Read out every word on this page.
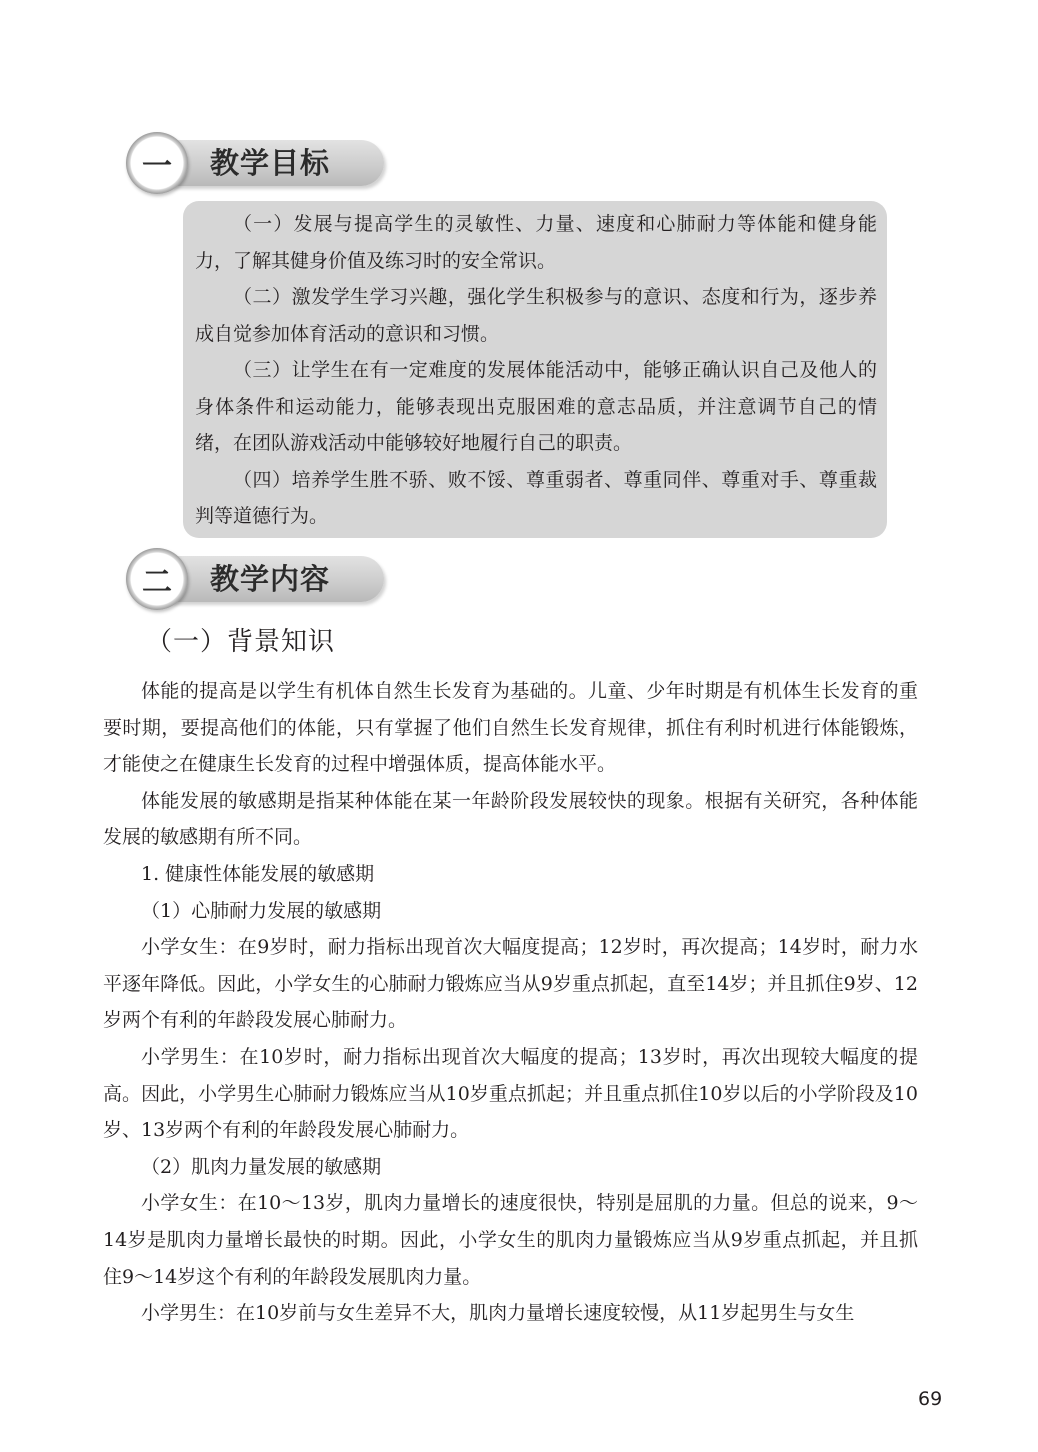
一 教学目标

（一）发展与提高学生的灵敏性、力量、速度和心肺耐力等体能和健身能力，了解其健身价值及练习时的安全常识。

（二）激发学生学习兴趣，强化学生积极参与的意识、态度和行为，逐步养成自觉参加体育活动的意识和习惯。

（三）让学生在有一定难度的发展体能活动中，能够正确认识自己及他人的身体条件和运动能力，能够表现出克服困难的意志品质，并注意调节自己的情绪，在团队游戏活动中能够较好地履行自己的职责。

（四）培养学生胜不骄、败不馁、尊重弱者、尊重同伴、尊重对手、尊重裁判等道德行为。

二 教学内容
（一）背景知识

体能的提高是以学生有机体自然生长发育为基础的。儿童、少年时期是有机体生长发育的重要时期，要提高他们的体能，只有掌握了他们自然生长发育规律，抓住有利时机进行体能锻炼，才能使之在健康生长发育的过程中增强体质，提高体能水平。

体能发展的敏感期是指某种体能在某一年龄阶段发展较快的现象。根据有关研究，各种体能发展的敏感期有所不同。

1. 健康性体能发展的敏感期

（1）心肺耐力发展的敏感期

小学女生：在9岁时，耐力指标出现首次大幅度提高；12岁时，再次提高；14岁时，耐力水平逐年降低。因此，小学女生的心肺耐力锻炼应当从9岁重点抓起，直至14岁；并且抓住9岁、12岁两个有利的年龄段发展心肺耐力。

小学男生：在10岁时，耐力指标出现首次大幅度的提高；13岁时，再次出现较大幅度的提高。因此，小学男生心肺耐力锻炼应当从10岁重点抓起；并且重点抓住10岁以后的小学阶段及10岁、13岁两个有利的年龄段发展心肺耐力。

（2）肌肉力量发展的敏感期

小学女生：在10～13岁，肌肉力量增长的速度很快，特别是屈肌的力量。但总的说来，9～14岁是肌肉力量增长最快的时期。因此，小学女生的肌肉力量锻炼应当从9岁重点抓起，并且抓住9～14岁这个有利的年龄段发展肌肉力量。

小学男生：在10岁前与女生差异不大，肌肉力量增长速度较慢，从11岁起男生与女生

69
